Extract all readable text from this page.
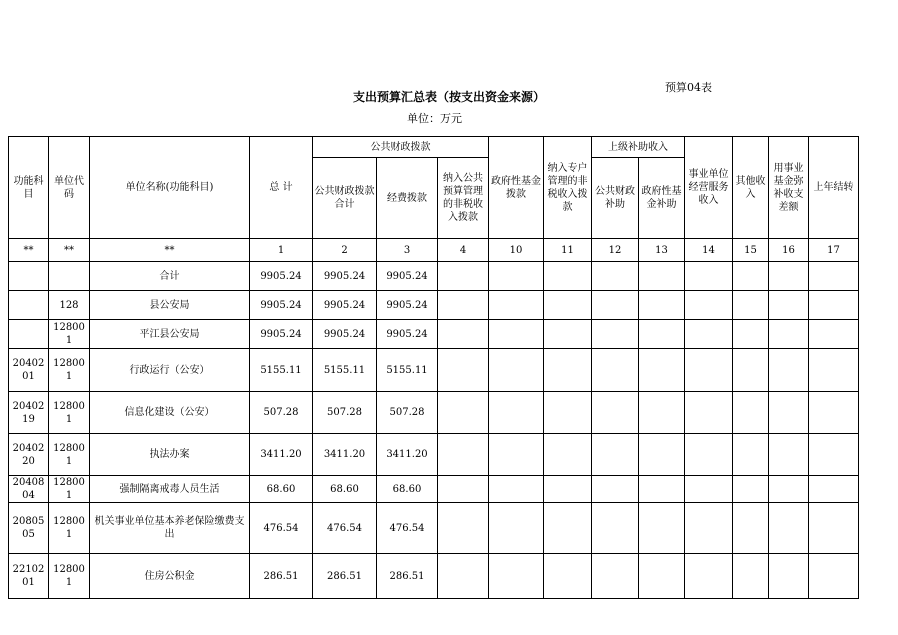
预算04表
支出预算汇总表（按支出资金来源）
单位：万元
功能科目	单位代码	单位名称(功能科目)	总 计	公共财政拨款			政府性基金拨款	纳入专户管理的非税收入拨款	上级补助收入		事业单位经营服务收入	其他收入	用事业基金弥补收支差额	上年结转
				公共财政拨款合计	经费拨款	纳入公共预算管理的非税收入拨款			公共财政补助	政府性基金补助				
**	**	**	1	2	3	4	10	11	12	13	14	15	16	17
		合计	9905.24	9905.24	9905.24									
	128	县公安局	9905.24	9905.24	9905.24									
	128001	平江县公安局	9905.24	9905.24	9905.24									
2040201	128001	行政运行（公安）	5155.11	5155.11	5155.11									
2040219	128001	信息化建设（公安）	507.28	507.28	507.28									
2040220	128001	执法办案	3411.20	3411.20	3411.20									
2040804	128001	强制隔离戒毒人员生活	68.60	68.60	68.60									
2080505	128001	机关事业单位基本养老保险缴费支出	476.54	476.54	476.54									
2210201	128001	住房公积金	286.51	286.51	286.51									
